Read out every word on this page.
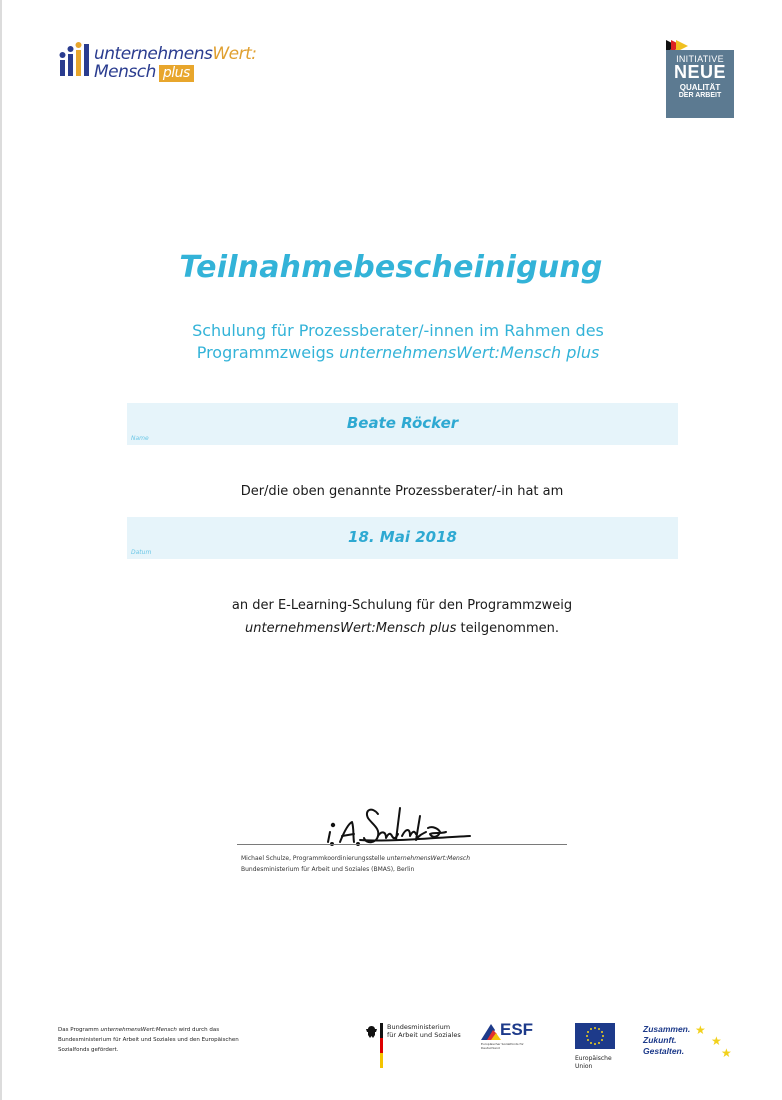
unternehmensWert:
Mensch plus
INITIATIVE
NEUE
QUALITÄT
DER ARBEIT
Teilnahmebescheinigung
Schulung für Prozessberater/-innen im Rahmen des
Programmzweigs unternehmensWert:Mensch plus
Beate Röcker
Name
Der/die oben genannte Prozessberater/-in hat am
18. Mai 2018
Datum
an der E-Learning-Schulung für den Programmzweig
unternehmensWert:Mensch plus teilgenommen.
Michael Schulze, Programmkoordinierungsstelle unternehmensWert:Mensch
Bundesministerium für Arbeit und Soziales (BMAS), Berlin
Das Programm unternehmensWert:Mensch wird durch das Bundesministerium für Arbeit und Soziales und den Europäischen Sozialfonds gefördert.
Bundesministerium
für Arbeit und Soziales ESF
Europäischer Sozialfonds für Deutschland
Europäische
Union
Zusammen.
Zukunft.
Gestalten.
★
★
★
